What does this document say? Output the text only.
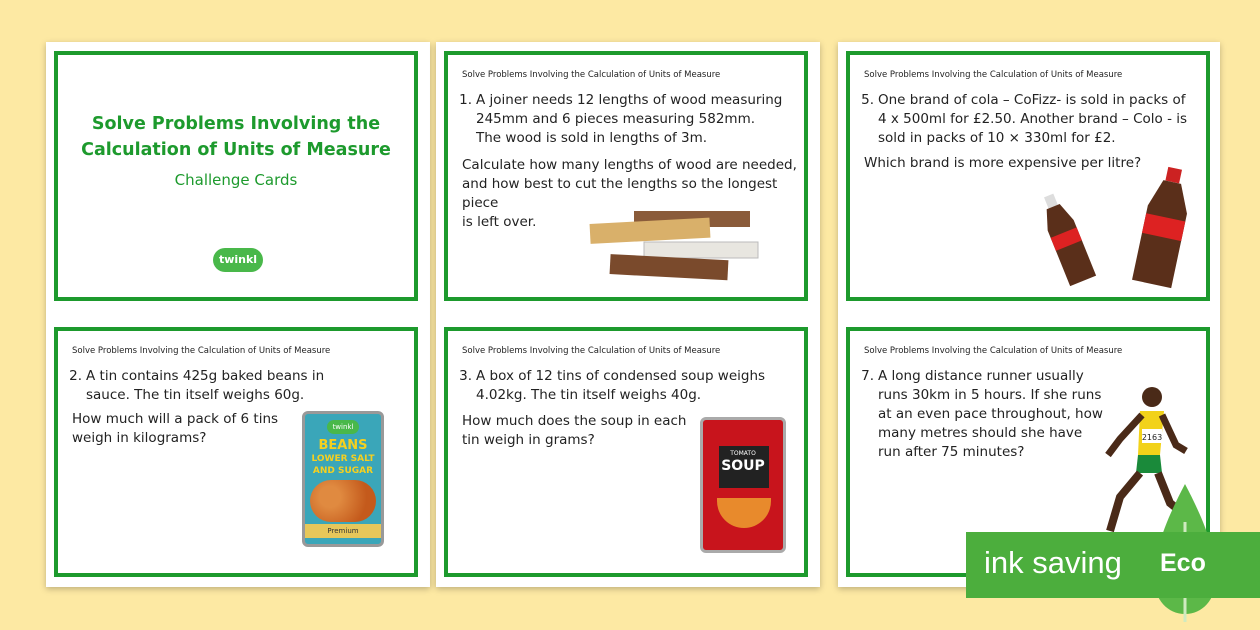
Solve Problems Involving the
Calculation of Units of Measure
Challenge Cards
twinkl
Solve Problems Involving the Calculation of Units of Measure
1. A joiner needs 12 lengths of wood measuring
245mm and 6 pieces measuring 582mm.
The wood is sold in lengths of 3m.
Calculate how many lengths of wood are needed,
and how best to cut the lengths so the longest piece
is left over.
Solve Problems Involving the Calculation of Units of Measure
5. One brand of cola – CoFizz- is sold in packs of
4 x 500ml for £2.50. Another brand – Colo - is
sold in packs of 10 × 330ml for £2.
Which brand is more expensive per litre?
Solve Problems Involving the Calculation of Units of Measure
2. A tin contains 425g baked beans in
sauce. The tin itself weighs 60g.
How much will a pack of 6 tins
weigh in kilograms?
twinkl
BEANS
LOWER SALT
AND SUGAR
Premium
Solve Problems Involving the Calculation of Units of Measure
3. A box of 12 tins of condensed soup weighs
4.02kg. The tin itself weighs 40g.
How much does the soup in each
tin weigh in grams?
TOMATO
SOUP
Solve Problems Involving the Calculation of Units of Measure
7. A long distance runner usually
runs 30km in 5 hours. If she runs
at an even pace throughout, how
many metres should she have
run after 75 minutes?
2163
ink saving Eco
